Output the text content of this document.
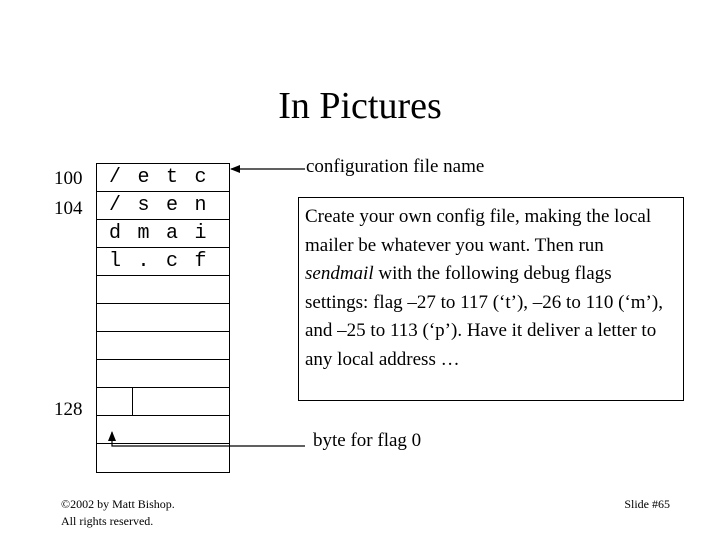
In Pictures
100
104
128
/ e t c
/ s e n
d m a i
l . c f
configuration file name
byte for flag 0
Create your own config file, making the local mailer be whatever you want. Then run sendmail with the following debug flags settings: flag –27 to 117 (‘t’), –26 to 110 (‘m’), and –25 to 113 (‘p’). Have it deliver a letter to any local address …
©2002 by Matt Bishop.
All rights reserved.
Slide #65
